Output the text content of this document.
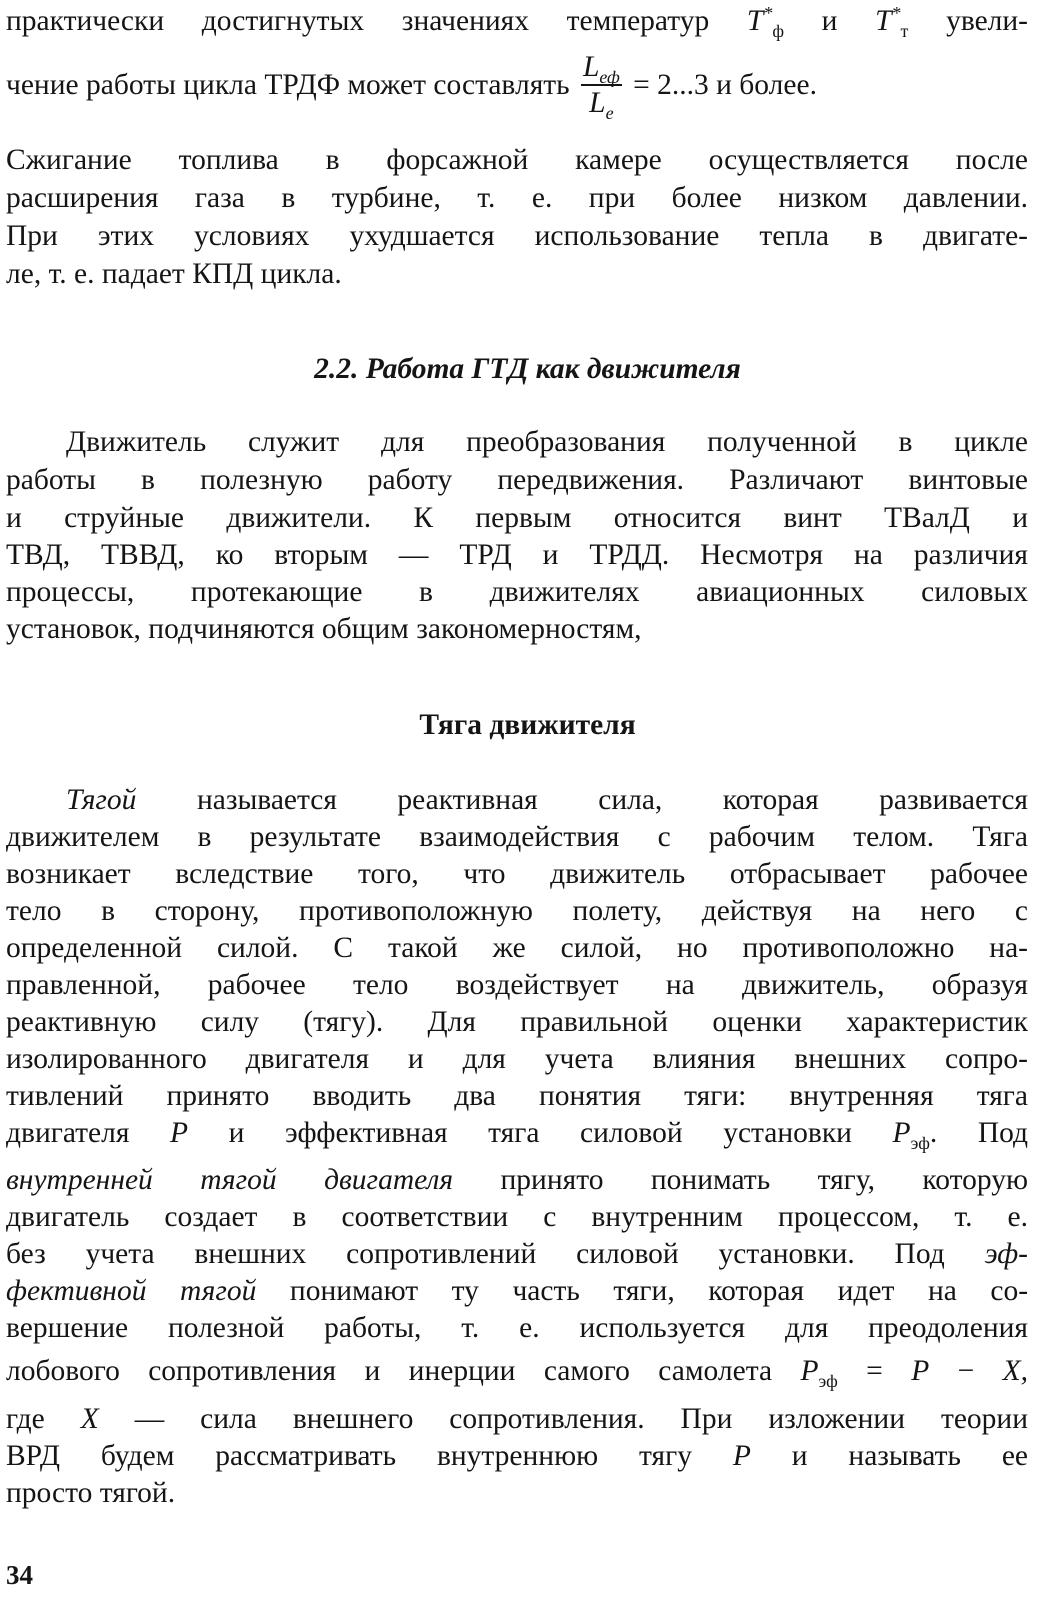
практически достигнутых значениях температур $T^*_ф$ и $T^*_т$ увели-
чение работы цикла ТРДФ может составлять $\frac{L_{еф}}{L_e} = 2...3$ и более.
Сжигание топлива в форсажной камере осуществляется после
расширения газа в турбине, т. е. при более низком давлении.
При этих условиях ухудшается использование тепла в двигате-
ле, т. е. падает КПД цикла.
2.2. Работа ГТД как движителя
Движитель служит для преобразования полученной в цикле
работы в полезную работу передвижения. Различают винтовые
и струйные движители. К первым относится винт ТВалД и
ТВД, ТВВД, ко вторым — ТРД и ТРДД. Несмотря на различия
процессы, протекающие в движителях авиационных силовых
установок, подчиняются общим закономерностям,
Тяга движителя
Тягой называется реактивная сила, которая развивается
движителем в результате взаимодействия с рабочим телом. Тяга
возникает вследствие того, что движитель отбрасывает рабочее
тело в сторону, противоположную полету, действуя на него с
определенной силой. С такой же силой, но противоположно на-
правленной, рабочее тело воздействует на движитель, образуя
реактивную силу (тягу). Для правильной оценки характеристик
изолированного двигателя и для учета влияния внешних сопро-
тивлений принято вводить два понятия тяги: внутренняя тяга
двигателя P и эффективная тяга силовой установки $P_{эф}$. Под
внутренней тягой двигателя принято понимать тягу, которую
двигатель создает в соответствии с внутренним процессом, т. е.
без учета внешних сопротивлений силовой установки. Под эф-
фективной тягой понимают ту часть тяги, которая идет на со-
вершение полезной работы, т. е. используется для преодоления
лобового сопротивления и инерции самого самолета $P_{эф} = P - X$,
где X — сила внешнего сопротивления. При изложении теории
ВРД будем рассматривать внутреннюю тягу P и называть ее
просто тягой.
34
